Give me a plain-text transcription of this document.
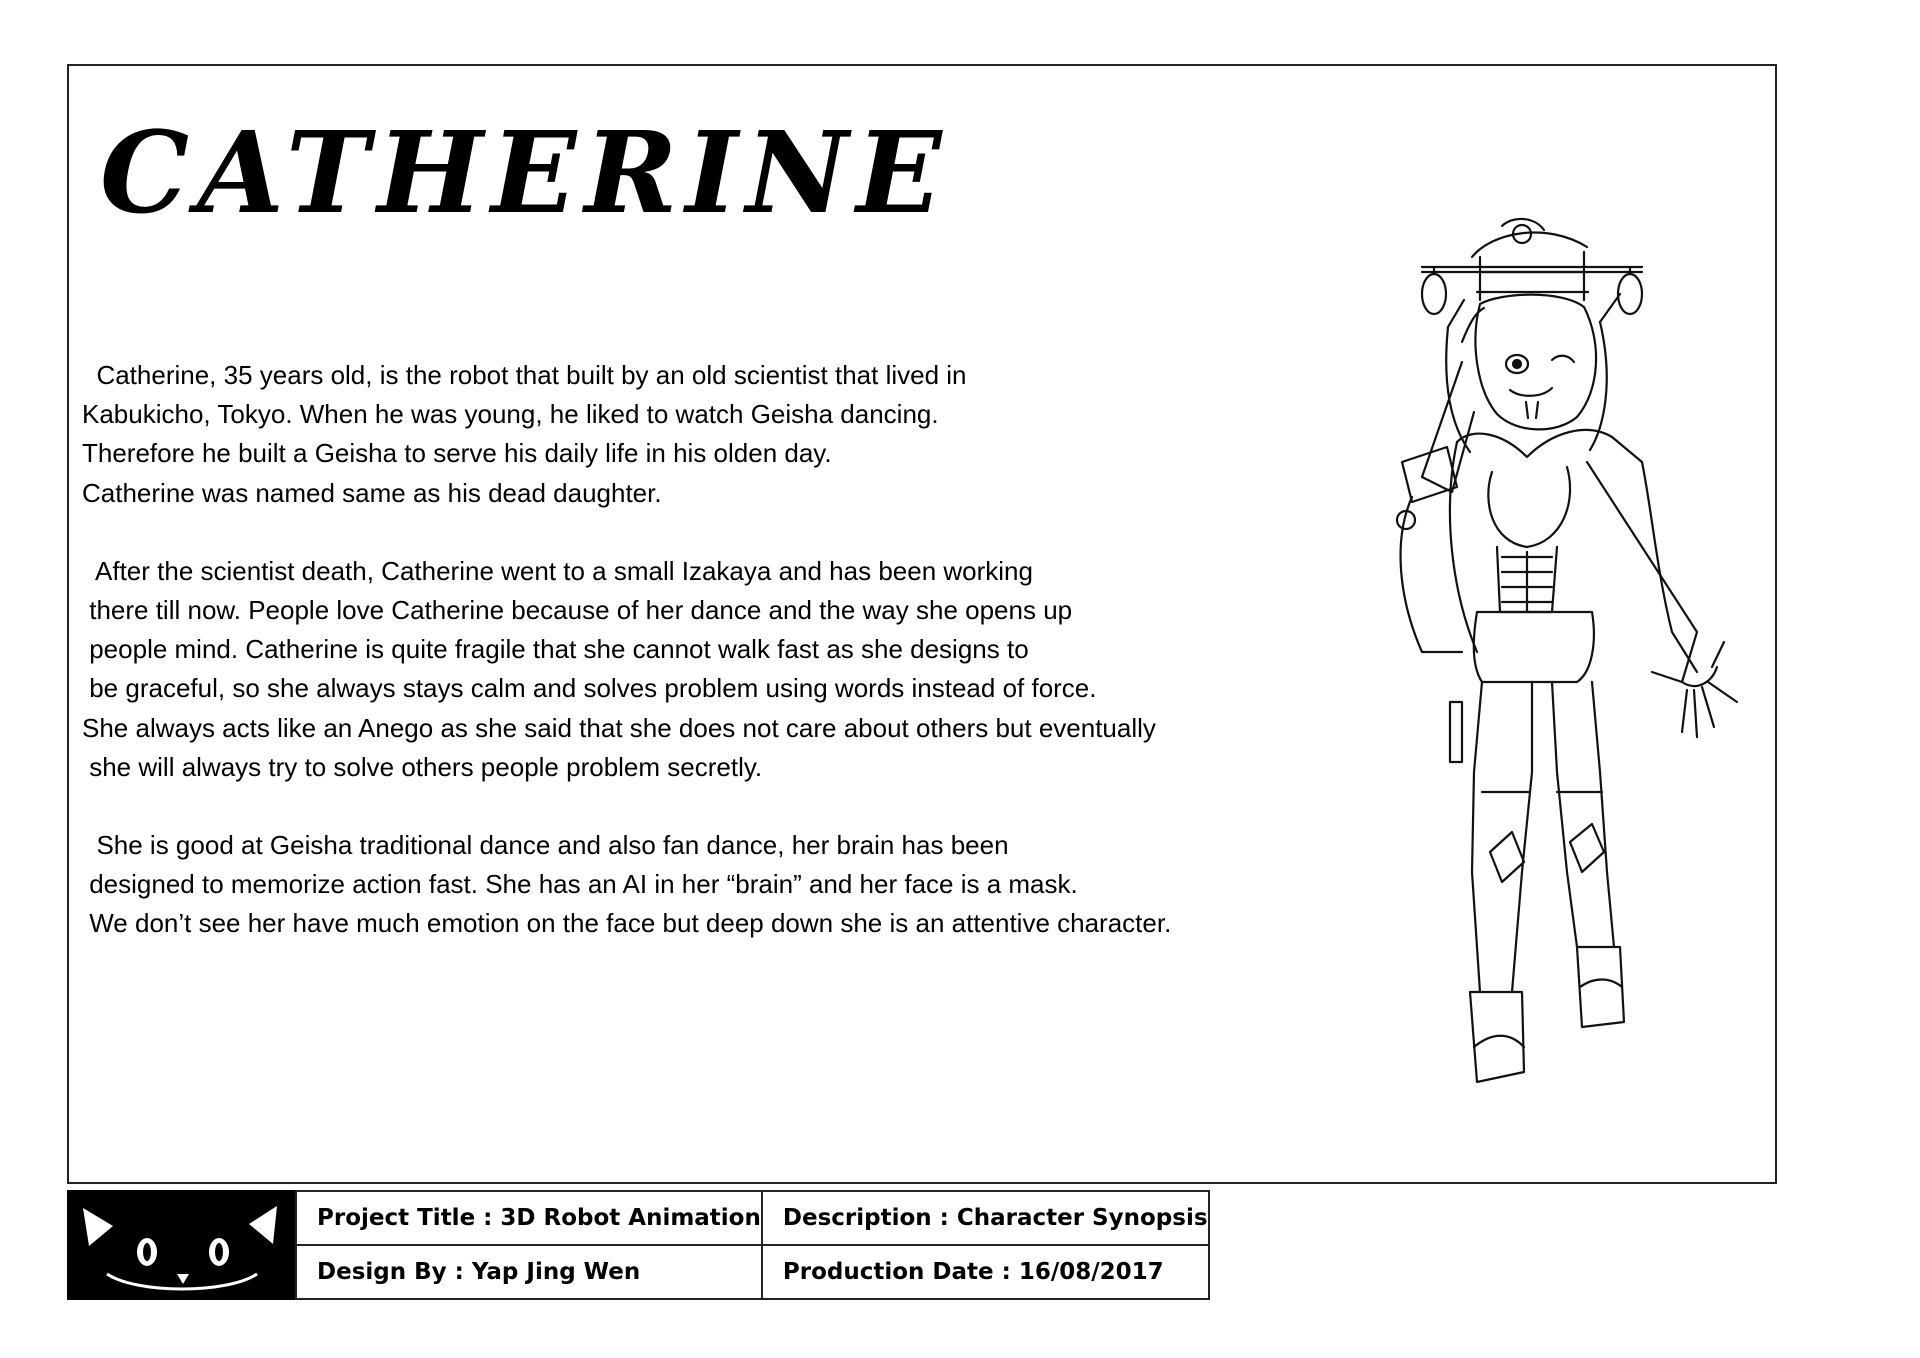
CATHERINE

Catherine, 35 years old, is the robot that built by an old scientist that lived in
Kabukicho, Tokyo. When he was young, he liked to watch Geisha dancing.
Therefore he built a Geisha to serve his daily life in his olden day.
Catherine was named same as his dead daughter.

After the scientist death, Catherine went to a small Izakaya and has been working
there till now. People love Catherine because of her dance and the way she opens up
people mind. Catherine is quite fragile that she cannot walk fast as she designs to
be graceful, so she always stays calm and solves problem using words instead of force.
She always acts like an Anego as she said that she does not care about others but eventually
she will always try to solve others people problem secretly.

She is good at Geisha traditional dance and also fan dance, her brain has been
designed to memorize action fast. She has an AI in her “brain” and her face is a mask.
We don’t see her have much emotion on the face but deep down she is an attentive character.

Project Title : 3D Robot Animation	Description : Character Synopsis
Design By : Yap Jing Wen	Production Date : 16/08/2017
